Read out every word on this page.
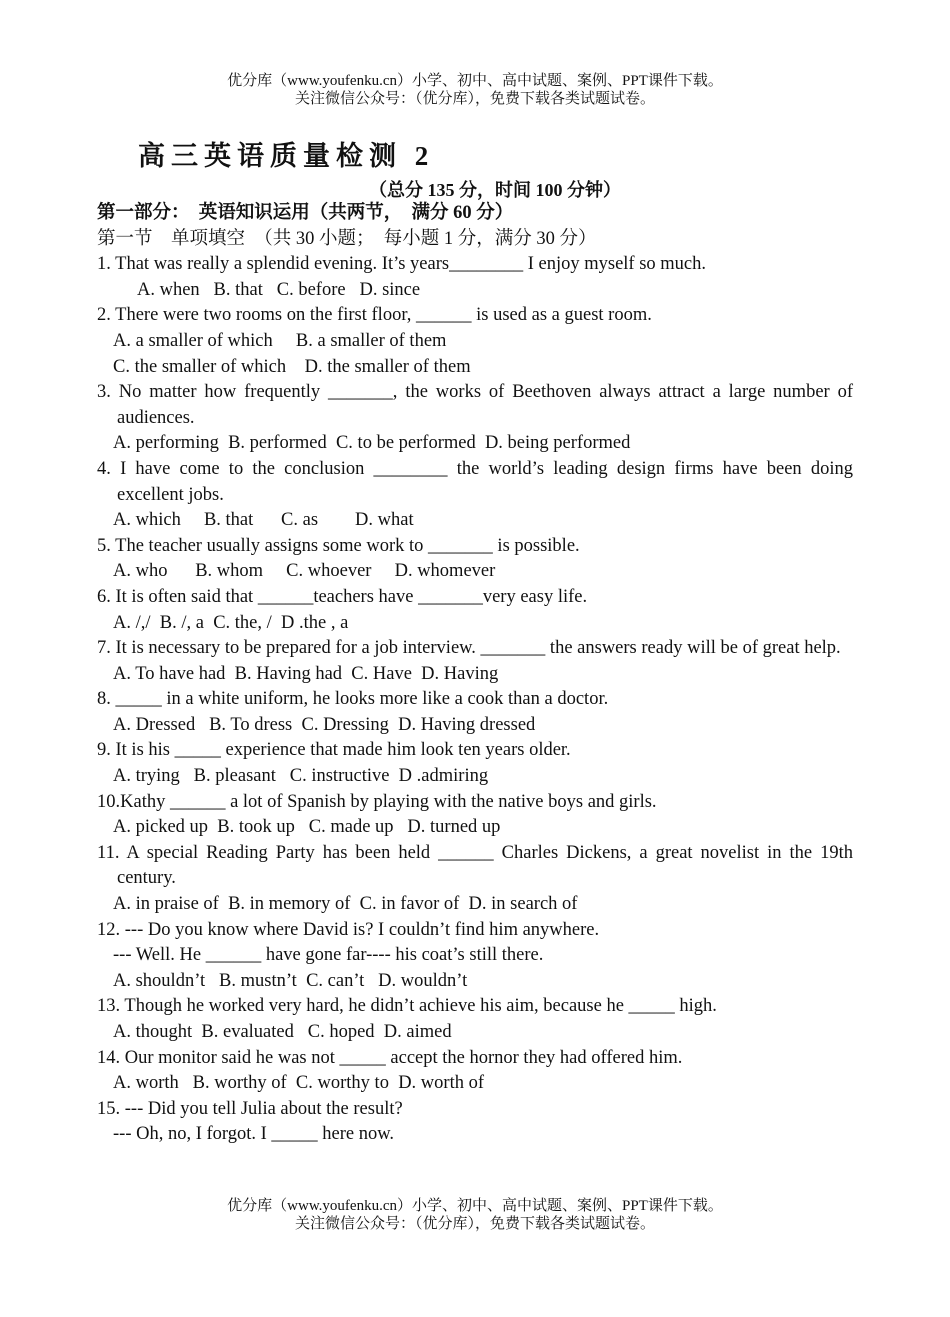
优分库（www.youfenku.cn）小学、初中、高中试题、案例、PPT课件下载。
关注微信公众号：（优分库），免费下载各类试题试卷。
高三英语质量检测 2
（总分 135 分，时间 100 分钟）
第一部分：  英语知识运用（共两节，  满分 60 分）
第一节    单项填空  （共 30 小题；  每小题 1 分，满分 30 分）
1. That was really a splendid evening. It’s years________ I enjoy myself so much.
A. when   B. that   C. before   D. since
2. There were two rooms on the first floor, ______ is used as a guest room.
A. a smaller of which     B. a smaller of them
C. the smaller of which    D. the smaller of them
3. No matter how frequently _______, the works of Beethoven always attract a large number of audiences.
A. performing  B. performed  C. to be performed  D. being performed
4. I have come to the conclusion ________ the world’s leading design firms have been doing excellent jobs.
A. which     B. that      C. as        D. what
5. The teacher usually assigns some work to _______ is possible.
A. who      B. whom     C. whoever     D. whomever
6. It is often said that ______teachers have _______very easy life.
A. /,/  B. /, a  C. the, /  D .the , a
7. It is necessary to be prepared for a job interview. _______ the answers ready will be of great help.
A. To have had  B. Having had  C. Have  D. Having
8. _____ in a white uniform, he looks more like a cook than a doctor.
A. Dressed   B. To dress  C. Dressing  D. Having dressed
9. It is his _____ experience that made him look ten years older.
A. trying   B. pleasant   C. instructive  D .admiring
10.Kathy ______ a lot of Spanish by playing with the native boys and girls.
A. picked up  B. took up   C. made up   D. turned up
11. A special Reading Party has been held ______ Charles Dickens, a great novelist in the 19th century.
A. in praise of  B. in memory of  C. in favor of  D. in search of
12. --- Do you know where David is? I couldn’t find him anywhere.
--- Well. He ______ have gone far---- his coat’s still there.
A. shouldn’t   B. mustn’t  C. can’t   D. wouldn’t
13. Though he worked very hard, he didn’t achieve his aim, because he _____ high.
A. thought  B. evaluated   C. hoped  D. aimed
14. Our monitor said he was not _____ accept the hornor they had offered him.
A. worth   B. worthy of  C. worthy to  D. worth of
15. --- Did you tell Julia about the result?
--- Oh, no, I forgot. I _____ here now.
优分库（www.youfenku.cn）小学、初中、高中试题、案例、PPT课件下载。
关注微信公众号：（优分库），免费下载各类试题试卷。
